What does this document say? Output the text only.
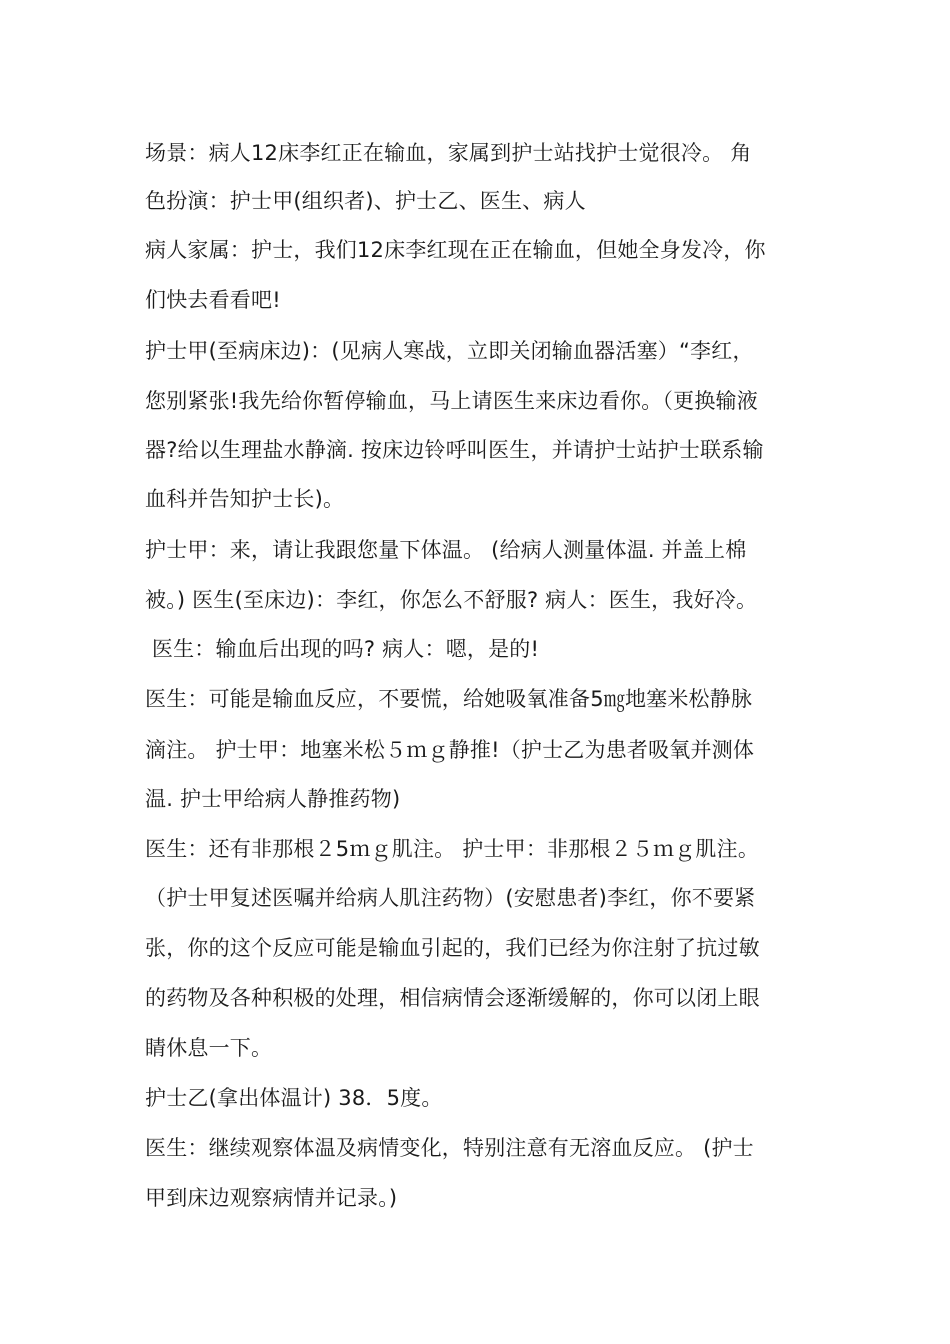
场景：病人12床李红正在输血，家属到护士站找护士觉很冷。 角
色扮演：护士甲(组织者)、护士乙、医生、病人
病人家属：护士，我们12床李红现在正在输血，但她全身发冷，你
们快去看看吧!
护士甲(至病床边)：(见病人寒战，立即关闭输血器活塞）“李红，
您别紧张!我先给你暂停输血，马上请医生来床边看你。（更换输液
器?给以生理盐水静滴. 按床边铃呼叫医生，并请护士站护士联系输
血科并告知护士长)。
护士甲：来，请让我跟您量下体温。 (给病人测量体温. 并盖上棉
被。) 医生(至床边)：李红，你怎么不舒服? 病人：医生，我好冷。
医生：输血后出现的吗? 病人：嗯，是的!
医生：可能是输血反应，不要慌，给她吸氧准备5㎎地塞米松静脉
滴注。 护士甲：地塞米松５ｍｇ静推!（护士乙为患者吸氧并测体
温. 护士甲给病人静推药物)
医生：还有非那根２5ｍｇ肌注。 护士甲：非那根２５ｍｇ肌注。
（护士甲复述医嘱并给病人肌注药物）(安慰患者)李红，你不要紧
张，你的这个反应可能是输血引起的，我们已经为你注射了抗过敏
的药物及各种积极的处理，相信病情会逐渐缓解的，你可以闭上眼
睛休息一下。
护士乙(拿出体温计) 38．5度。
医生：继续观察体温及病情变化，特别注意有无溶血反应。 (护士
甲到床边观察病情并记录。)
